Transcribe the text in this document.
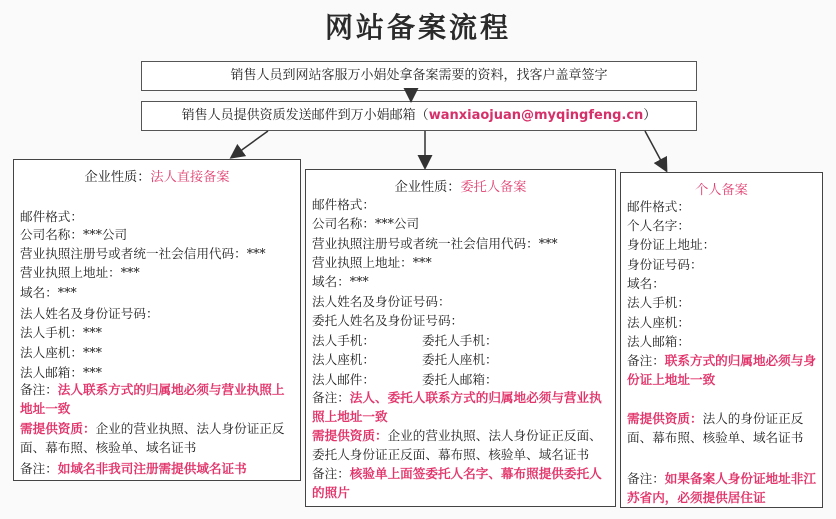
网站备案流程
销售人员到网站客服万小娟处拿备案需要的资料，找客户盖章签字
销售人员提供资质发送邮件到万小娟邮箱（wanxiaojuan@myqingfeng.cn）
企业性质：法人直接备案
邮件格式：
公司名称：***公司
营业执照注册号或者统一社会信用代码：***
营业执照上地址：***
域名：***
法人姓名及身份证号码：
法人手机：***
法人座机：***
法人邮箱：***
备注：法人联系方式的归属地必须与营业执照上地址一致
需提供资质：企业的营业执照、法人身份证正反面、幕布照、核验单、域名证书
备注：如域名非我司注册需提供域名证书
企业性质：委托人备案
邮件格式：
公司名称：***公司
营业执照注册号或者统一社会信用代码：***
营业执照上地址：***
域名：***
法人姓名及身份证号码：
委托人姓名及身份证号码：
法人手机：	委托人手机：
法人座机：	委托人座机：
法人邮件：	委托人邮箱：
备注：法人、委托人联系方式的归属地必须与营业执照上地址一致
需提供资质：企业的营业执照、法人身份证正反面、委托人身份证正反面、幕布照、核验单、域名证书
备注：核验单上面签委托人名字、幕布照提供委托人的照片
个人备案
邮件格式：
个人名字：
身份证上地址：
身份证号码：
域名：
法人手机：
法人座机：
法人邮箱：
备注：联系方式的归属地必须与身份证上地址一致
需提供资质：法人的身份证正反面、幕布照、核验单、域名证书
备注：如果备案人身份证地址非江苏省内，必须提供居住证
